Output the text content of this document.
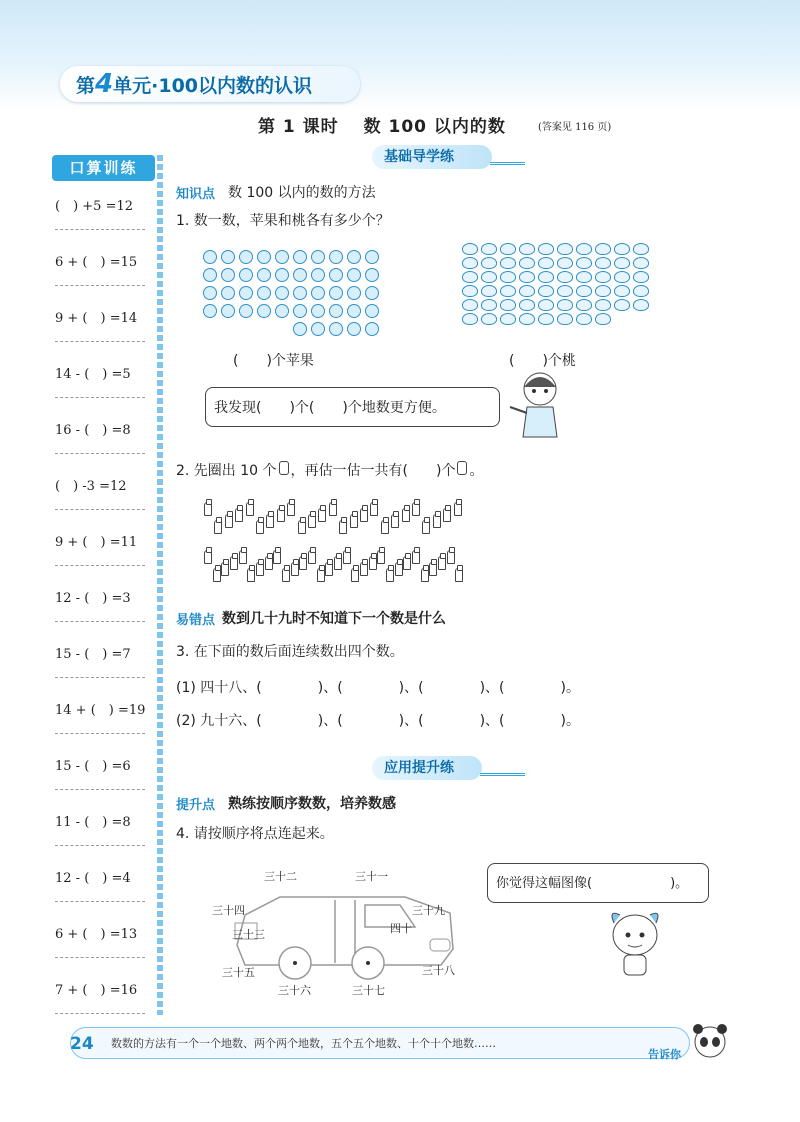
第4单元·100以内数的认识
第 1 课时　 数 100 以内的数	(答案见 116 页)
口算训练
(　) +5 =12
6 + (　) =15
9 + (　) =14
14 - (　) =5
16 - (　) =8
(　) -3 =12
9 + (　) =11
12 - (　) =3
15 - (　) =7
14 + (　) =19
15 - (　) =6
11 - (　) =8
12 - (　) =4
6 + (　) =13
7 + (　) =16
基础导学练
知识点 数 100 以内的数的方法
1. 数一数，苹果和桃各有多少个？
(　　)个苹果	(　　)个桃
我发现(　　)个(　　)个地数更方便。
2. 先圈出 10 个 ，再估一估一共有(　　)个 。
易错点 数到几十九时不知道下一个数是什么
3. 在下面的数后面连续数出四个数。
(1) 四十八、(　　　　)、(　　　　)、(　　　　)、(　　　　)。
(2) 九十六、(　　　　)、(　　　　)、(　　　　)、(　　　　)。
应用提升练
提升点 熟练按顺序数数，培养数感
4. 请按顺序将点连起来。
三十二	三十一
三十四	三十九
三十三	四十
三十五	三十八
三十六	三十七
你觉得这幅图像(　　　　　　)。
数数的方法有一个一个地数、两个两个地数，五个五个地数、十个十个地数……
24
告诉你
